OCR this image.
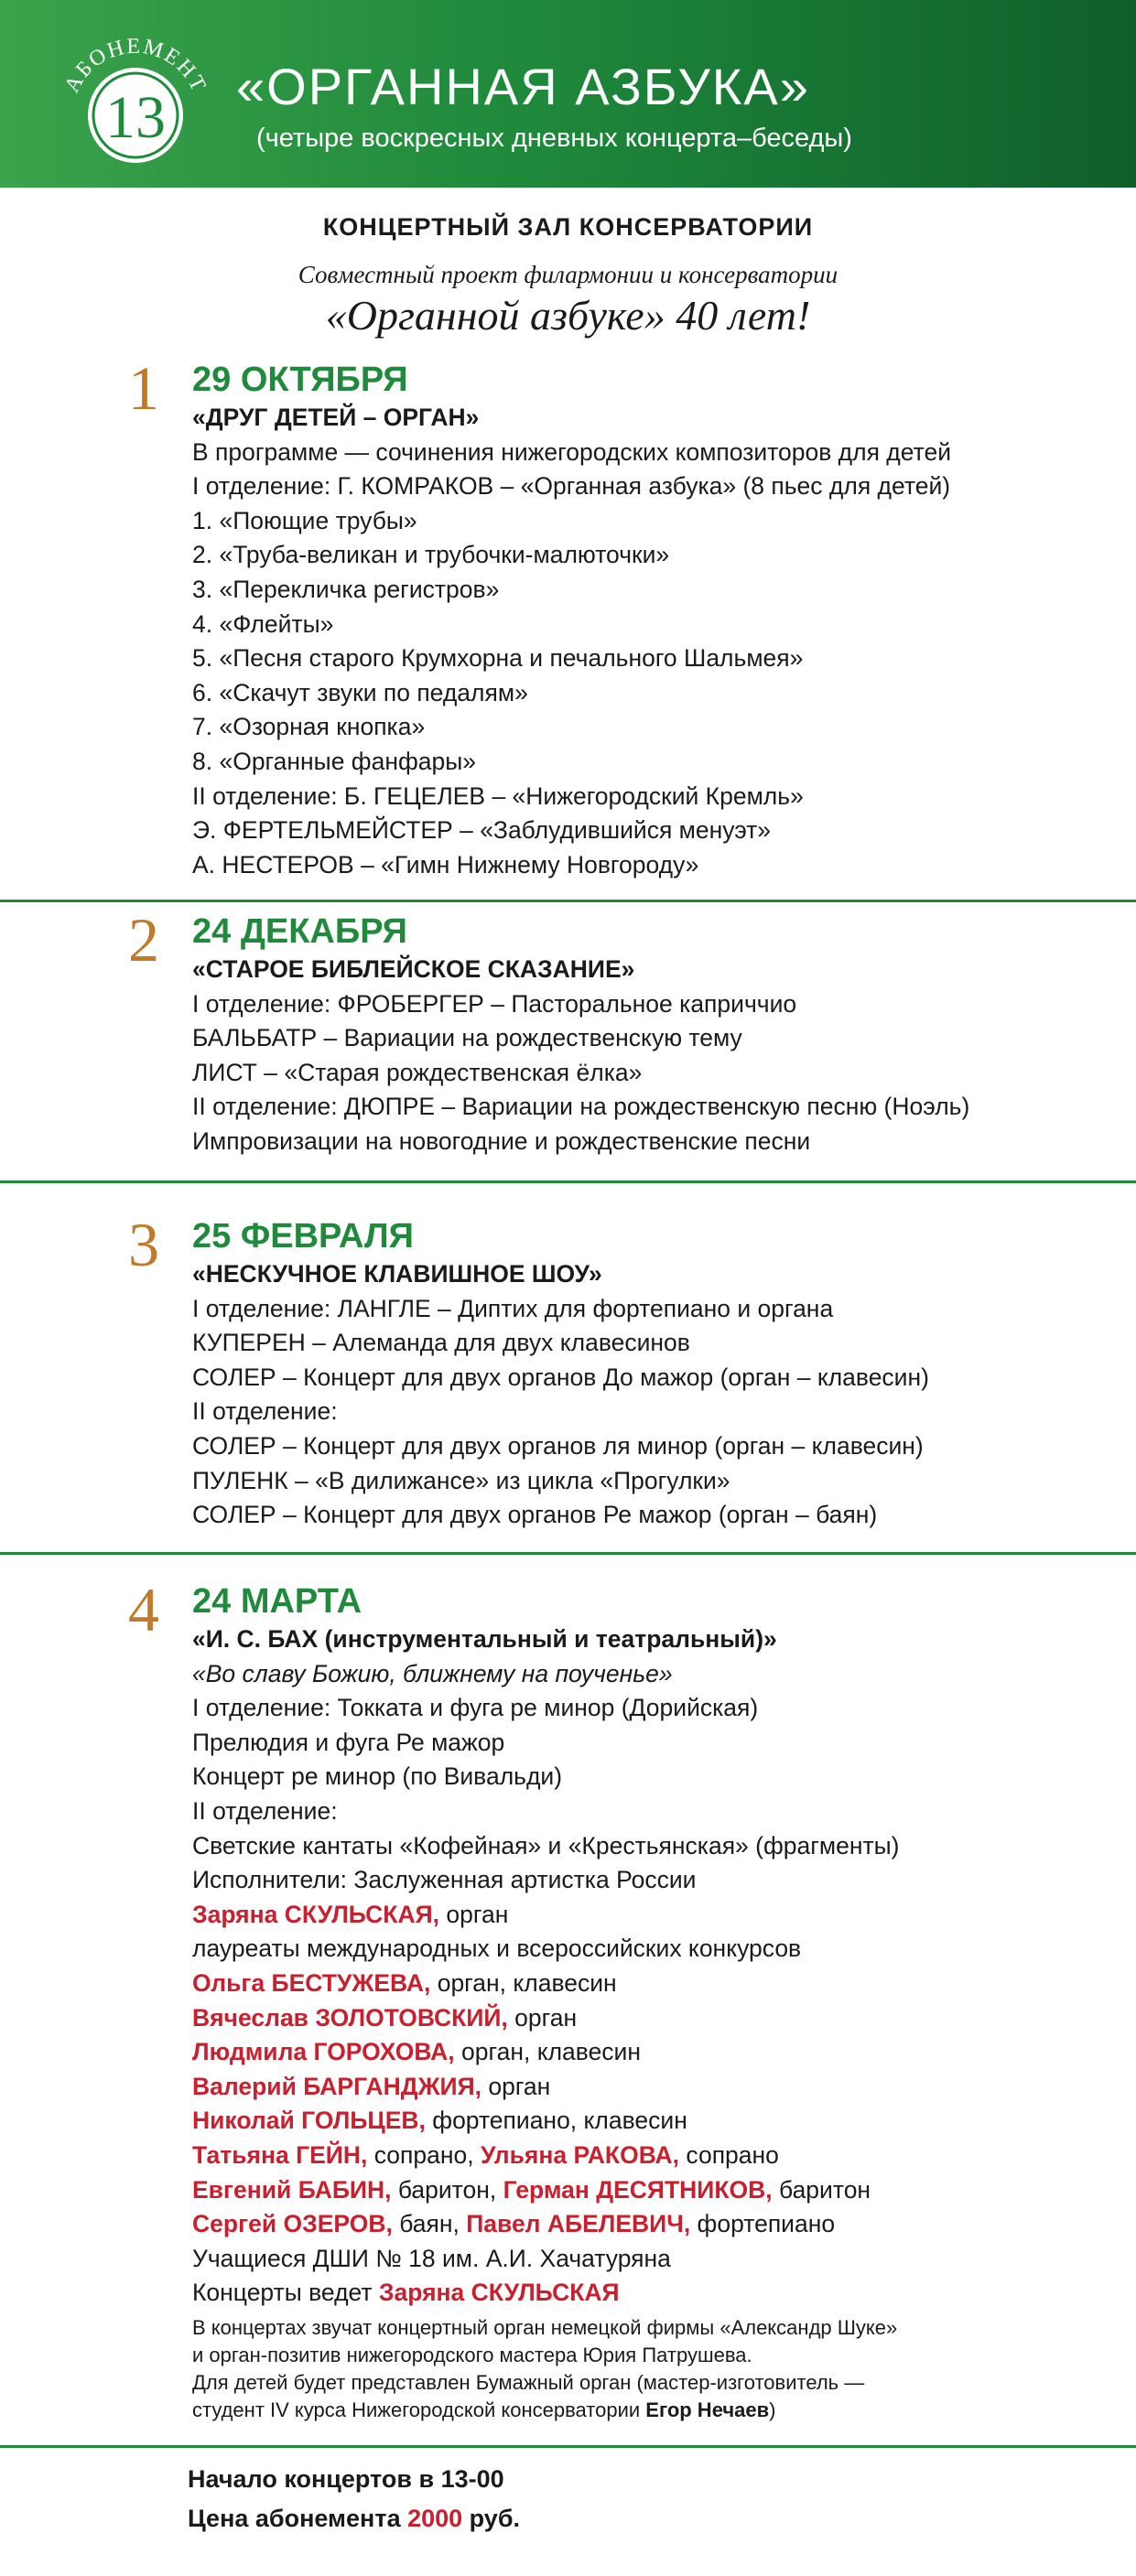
АБОНЕМЕНТ
13 «ОРГАННАЯ АЗБУКА»
(четыре воскресных дневных концерта–беседы)
КОНЦЕРТНЫЙ ЗАЛ КОНСЕРВАТОРИИ
Совместный проект филармонии и консерватории
«Органной азбуке» 40 лет!
1 29 ОКТЯБРЯ
«ДРУГ ДЕТЕЙ – ОРГАН»
В программе — сочинения нижегородских композиторов для детей
I отделение: Г. КОМРАКОВ – «Органная азбука» (8 пьес для детей)
1. «Поющие трубы»
2. «Труба-великан и трубочки-малюточки»
3. «Перекличка регистров»
4. «Флейты»
5. «Песня старого Крумхорна и печального Шальмея»
6. «Скачут звуки по педалям»
7. «Озорная кнопка»
8. «Органные фанфары»
II отделение: Б. ГЕЦЕЛЕВ – «Нижегородский Кремль»
Э. ФЕРТЕЛЬМЕЙСТЕР – «Заблудившийся менуэт»
А. НЕСТЕРОВ – «Гимн Нижнему Новгороду»
2 24 ДЕКАБРЯ
«СТАРОЕ БИБЛЕЙСКОЕ СКАЗАНИЕ»
I отделение: ФРОБЕРГЕР – Пасторальное каприччио
БАЛЬБАТР – Вариации на рождественскую тему
ЛИСТ – «Старая рождественская ёлка»
II отделение: ДЮПРЕ – Вариации на рождественскую песню (Ноэль)
Импровизации на новогодние и рождественские песни
3 25 ФЕВРАЛЯ
«НЕСКУЧНОЕ КЛАВИШНОЕ ШОУ»
I отделение: ЛАНГЛЕ – Диптих для фортепиано и органа
КУПЕРЕН – Алеманда для двух клавесинов
СОЛЕР – Концерт для двух органов До мажор (орган – клавесин)
II отделение:
СОЛЕР – Концерт для двух органов ля минор (орган – клавесин)
ПУЛЕНК – «В дилижансе» из цикла «Прогулки»
СОЛЕР – Концерт для двух органов Ре мажор (орган – баян)
4 24 МАРТА
«И. С. БАХ (инструментальный и театральный)»
«Во славу Божию, ближнему на поученье»
I отделение: Токката и фуга ре минор (Дорийская)
Прелюдия и фуга Ре мажор
Концерт ре минор (по Вивальди)
II отделение:
Светские кантаты «Кофейная» и «Крестьянская» (фрагменты)
Исполнители: Заслуженная артистка России
Заряна СКУЛЬСКАЯ, орган
лауреаты международных и всероссийских конкурсов
Ольга БЕСТУЖЕВА, орган, клавесин
Вячеслав ЗОЛОТОВСКИЙ, орган
Людмила ГОРОХОВА, орган, клавесин
Валерий БАРГАНДЖИЯ, орган
Николай ГОЛЬЦЕВ, фортепиано, клавесин
Татьяна ГЕЙН, сопрано, Ульяна РАКОВА, сопрано
Евгений БАБИН, баритон, Герман ДЕСЯТНИКОВ, баритон
Сергей ОЗЕРОВ, баян, Павел АБЕЛЕВИЧ, фортепиано
Учащиеся ДШИ № 18 им. А.И. Хачатуряна
Концерты ведет Заряна СКУЛЬСКАЯ
В концертах звучат концертный орган немецкой фирмы «Александр Шуке»
и орган-позитив нижегородского мастера Юрия Патрушева.
Для детей будет представлен Бумажный орган (мастер-изготовитель —
студент IV курса Нижегородской консерватории Егор Нечаев)
Начало концертов в 13-00
Цена абонемента 2000 руб.
